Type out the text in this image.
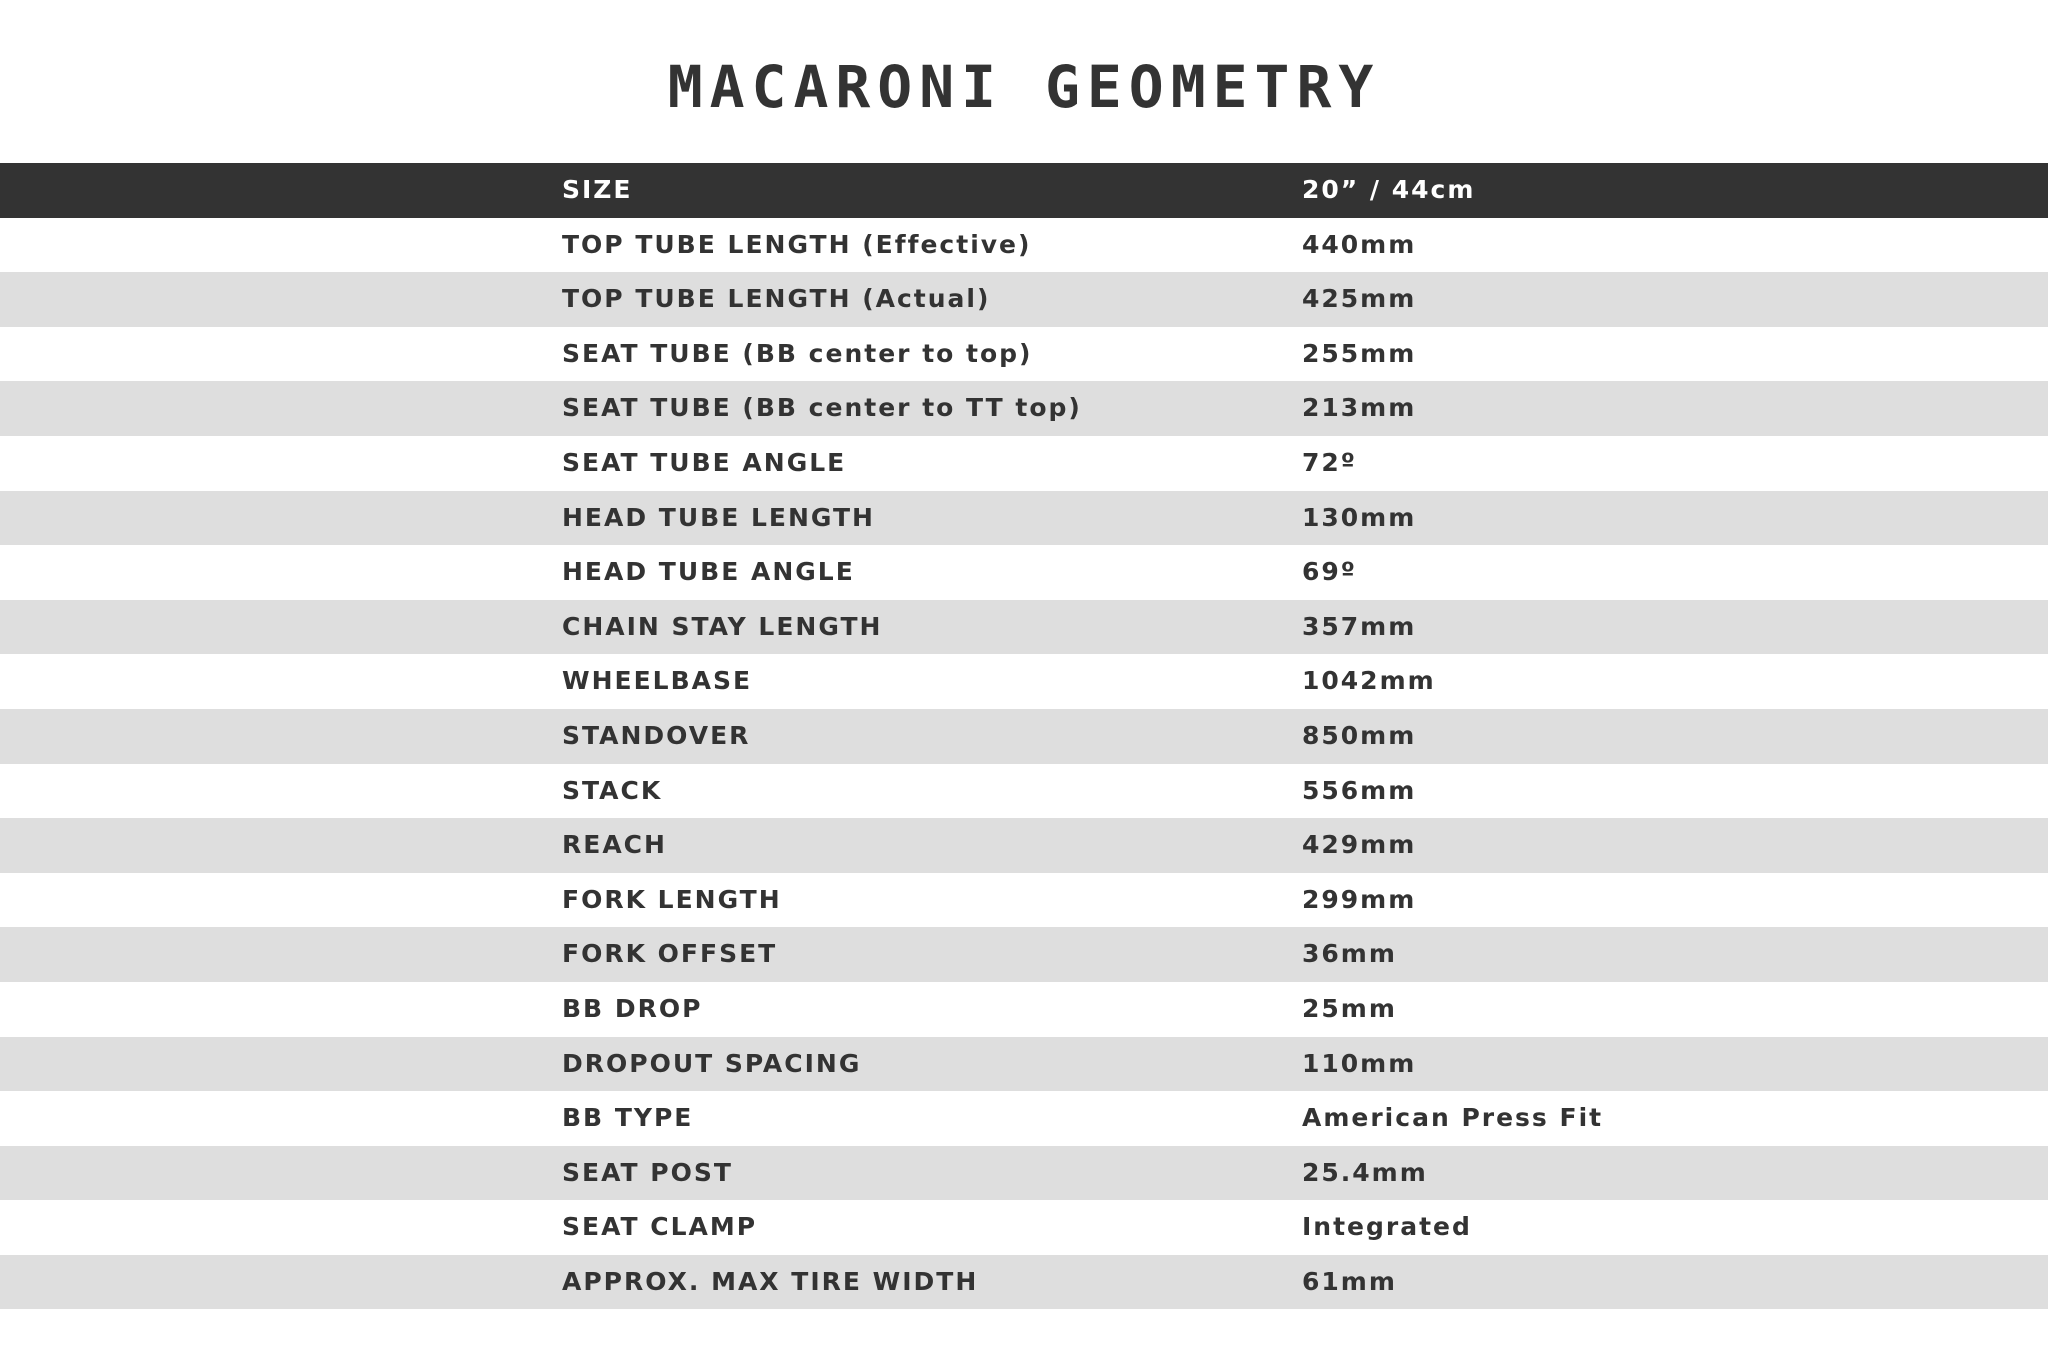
MACARONI GEOMETRY
SIZE	20” / 44cm
TOP TUBE LENGTH (Effective)	440mm
TOP TUBE LENGTH (Actual)	425mm
SEAT TUBE (BB center to top)	255mm
SEAT TUBE (BB center to TT top)	213mm
SEAT TUBE ANGLE	72º
HEAD TUBE LENGTH	130mm
HEAD TUBE ANGLE	69º
CHAIN STAY LENGTH	357mm
WHEELBASE	1042mm
STANDOVER	850mm
STACK	556mm
REACH	429mm
FORK LENGTH	299mm
FORK OFFSET	36mm
BB DROP	25mm
DROPOUT SPACING	110mm
BB TYPE	American Press Fit
SEAT POST	25.4mm
SEAT CLAMP	Integrated
APPROX. MAX TIRE WIDTH	61mm
